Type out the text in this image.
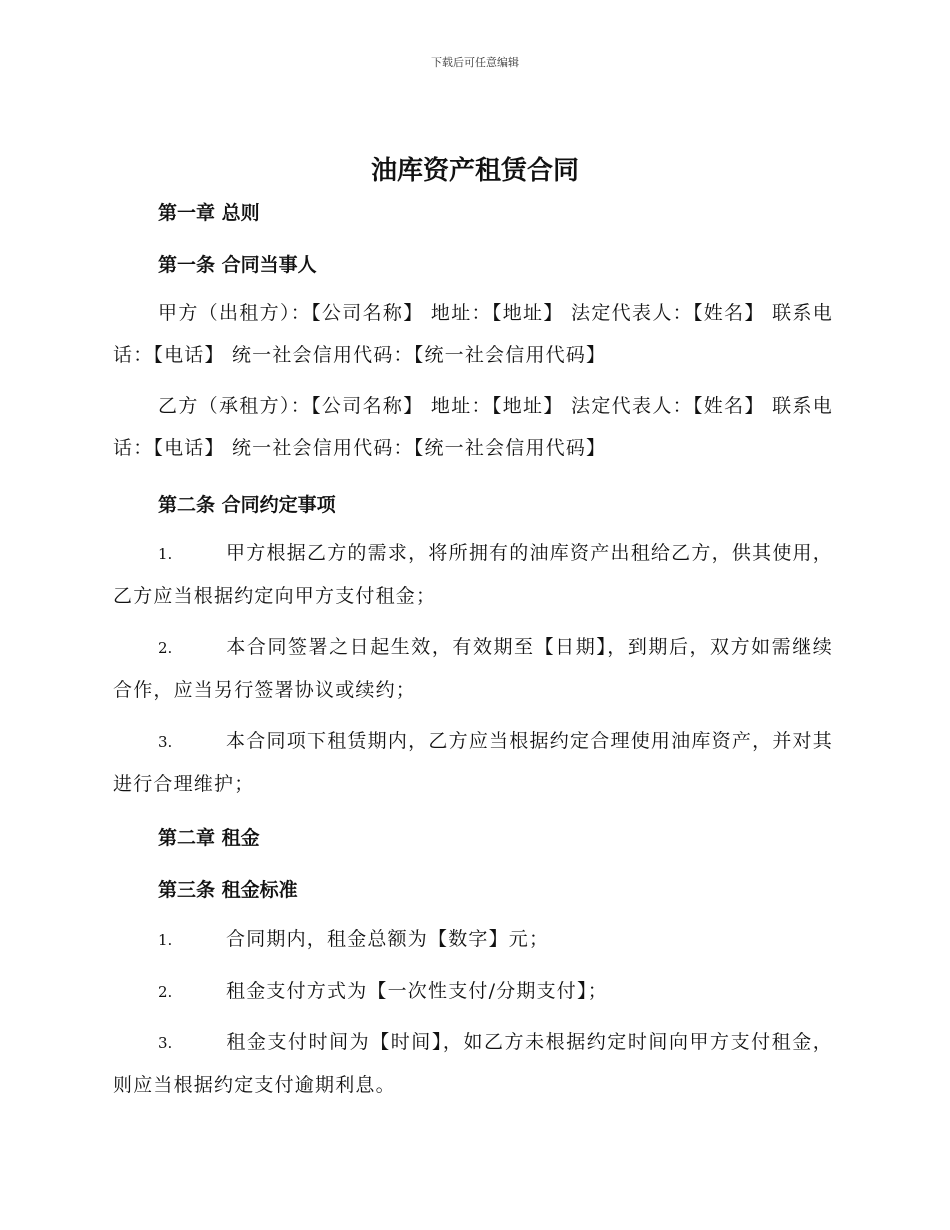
下载后可任意编辑
油库资产租赁合同
第一章 总则
第一条 合同当事人
甲方（出租方）：【公司名称】 地址：【地址】 法定代表人：【姓名】 联系电话：【电话】 统一社会信用代码：【统一社会信用代码】
乙方（承租方）：【公司名称】 地址：【地址】 法定代表人：【姓名】 联系电话：【电话】 统一社会信用代码：【统一社会信用代码】
第二条 合同约定事项
1.	甲方根据乙方的需求，将所拥有的油库资产出租给乙方，供其使用，乙方应当根据约定向甲方支付租金；
2.	本合同签署之日起生效，有效期至【日期】，到期后，双方如需继续合作，应当另行签署协议或续约；
3.	本合同项下租赁期内，乙方应当根据约定合理使用油库资产，并对其进行合理维护；
第二章 租金
第三条 租金标准
1.	合同期内，租金总额为【数字】元；
2.	租金支付方式为【一次性支付/分期支付】；
3.	租金支付时间为【时间】，如乙方未根据约定时间向甲方支付租金，则应当根据约定支付逾期利息。
